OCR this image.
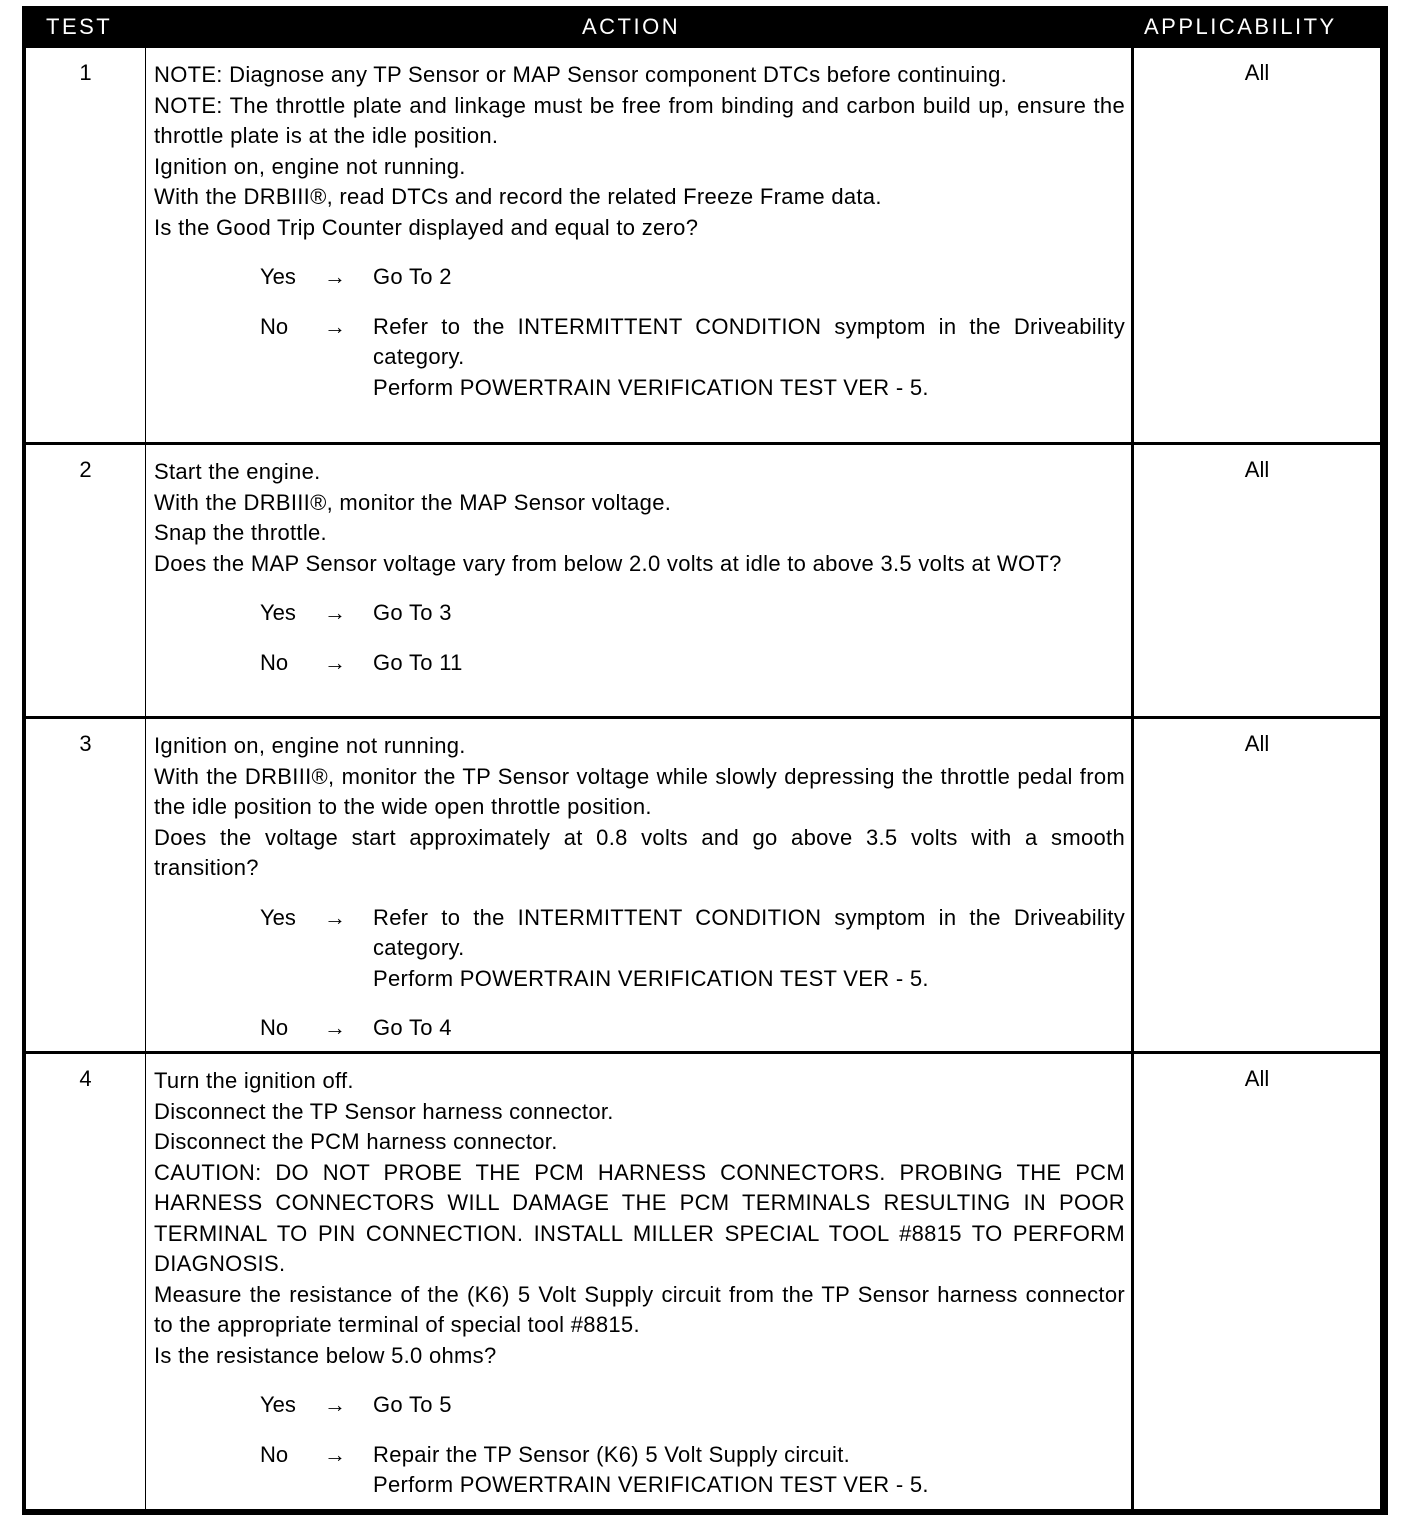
TEST	ACTION	APPLICABILITY
1	NOTE: Diagnose any TP Sensor or MAP Sensor component DTCs before continuing.

NOTE: The throttle plate and linkage must be free from binding and carbon build up, ensure the throttle plate is at the idle position.

Ignition on, engine not running.

With the DRBIII®, read DTCs and record the related Freeze Frame data.

Is the Good Trip Counter displayed and equal to zero?

Yes → Go To 2

No → Refer to the INTERMITTENT CONDITION symptom in the Driveability category.

Perform POWERTRAIN VERIFICATION TEST VER - 5.

All
2	Start the engine.

With the DRBIII®, monitor the MAP Sensor voltage.

Snap the throttle.

Does the MAP Sensor voltage vary from below 2.0 volts at idle to above 3.5 volts at WOT?

Yes → Go To 3

No → Go To 11

All
3	Ignition on, engine not running.

With the DRBIII®, monitor the TP Sensor voltage while slowly depressing the throttle pedal from the idle position to the wide open throttle position.

Does the voltage start approximately at 0.8 volts and go above 3.5 volts with a smooth transition?

Yes → Refer to the INTERMITTENT CONDITION symptom in the Driveability category.

Perform POWERTRAIN VERIFICATION TEST VER - 5.

No → Go To 4

All
4	Turn the ignition off.

Disconnect the TP Sensor harness connector.

Disconnect the PCM harness connector.

CAUTION: DO NOT PROBE THE PCM HARNESS CONNECTORS. PROBING THE PCM HARNESS CONNECTORS WILL DAMAGE THE PCM TERMINALS RESULTING IN POOR TERMINAL TO PIN CONNECTION. INSTALL MILLER SPECIAL TOOL #8815 TO PERFORM DIAGNOSIS.

Measure the resistance of the (K6) 5 Volt Supply circuit from the TP Sensor harness connector to the appropriate terminal of special tool #8815.

Is the resistance below 5.0 ohms?

Yes → Go To 5

No → Repair the TP Sensor (K6) 5 Volt Supply circuit.

Perform POWERTRAIN VERIFICATION TEST VER - 5.

All
